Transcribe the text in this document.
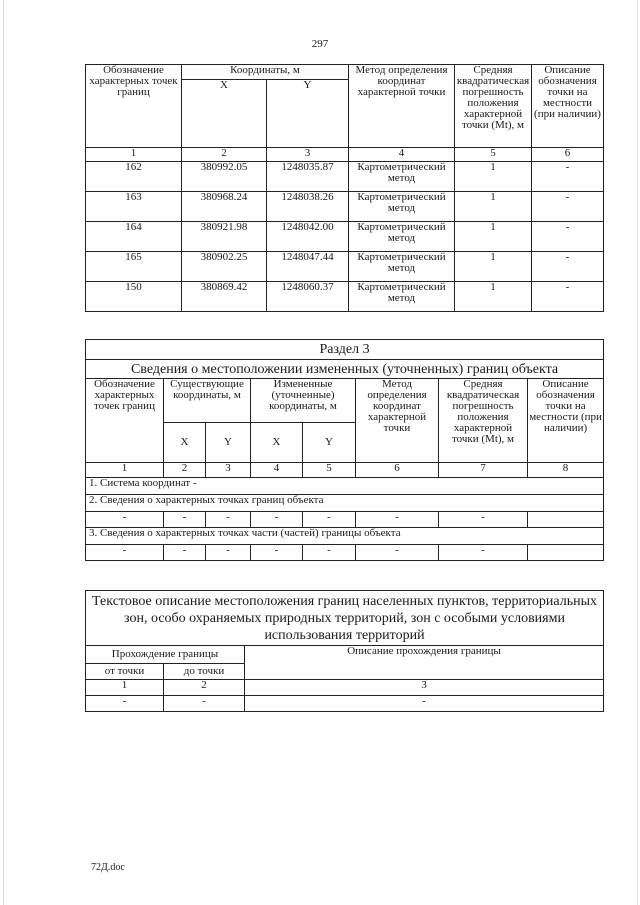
297
Обозначение характерных точек границ	Координаты, м		Метод определения координат характерной точки	Средняя квадратическая погрешность положения характерной точки (Mt), м	Описание обозначения точки на местности (при наличии)
	X	Y			
1	2	3	4	5	6
162	380992.05	1248035.87	Картометрический метод	1	-
163	380968.24	1248038.26	Картометрический метод	1	-
164	380921.98	1248042.00	Картометрический метод	1	-
165	380902.25	1248047.44	Картометрический метод	1	-
150	380869.42	1248060.37	Картометрический метод	1	-
Раздел 3							
Сведения о местоположении измененных (уточненных) границ объекта							
Обозначение характерных точек границ	Существующие координаты, м		Измененные (уточненные) координаты, м		Метод определения координат характерной точки	Средняя квадратическая погрешность положения характерной точки (Mt), м	Описание обозначения точки на местности (при наличии)
	X	Y	X	Y			
1	2	3	4	5	6	7	8
1. Система координат -							
2. Сведения о характерных точках границ объекта							
-	-	-	-	-	-	-	
3. Сведения о характерных точках части (частей) границы объекта							
-	-	-	-	-	-	-	
Текстовое описание местоположения границ населенных пунктов, территориальных зон, особо охраняемых природных территорий, зон с особыми условиями использования территорий		
Прохождение границы		Описание прохождения границы
от точки	до точки	
1	2	3
-	-	-
72Д.doc
